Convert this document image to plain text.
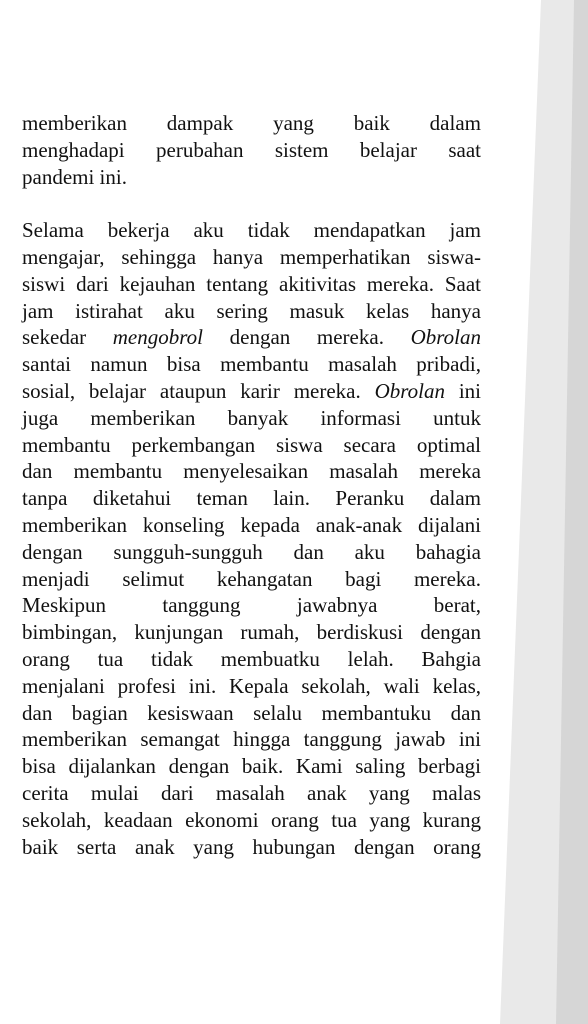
memberikan dampak yang baik dalam
menghadapi perubahan sistem belajar saat
pandemi ini.
Selama bekerja aku tidak mendapatkan jam
mengajar, sehingga hanya memperhatikan siswa-
siswi dari kejauhan tentang akitivitas mereka. Saat
jam istirahat aku sering masuk kelas hanya
sekedar mengobrol dengan mereka. Obrolan
santai namun bisa membantu masalah pribadi,
sosial, belajar ataupun karir mereka. Obrolan ini
juga memberikan banyak informasi untuk
membantu perkembangan siswa secara optimal
dan membantu menyelesaikan masalah mereka
tanpa diketahui teman lain. Peranku dalam
memberikan konseling kepada anak-anak dijalani
dengan sungguh-sungguh dan aku bahagia
menjadi selimut kehangatan bagi mereka.
Meskipun tanggung jawabnya berat,
bimbingan, kunjungan rumah, berdiskusi dengan
orang tua tidak membuatku lelah. Bahgia
menjalani profesi ini. Kepala sekolah, wali kelas,
dan bagian kesiswaan selalu membantuku dan
memberikan semangat hingga tanggung jawab ini
bisa dijalankan dengan baik. Kami saling berbagi
cerita mulai dari masalah anak yang malas
sekolah, keadaan ekonomi orang tua yang kurang
baik serta anak yang hubungan dengan orang
